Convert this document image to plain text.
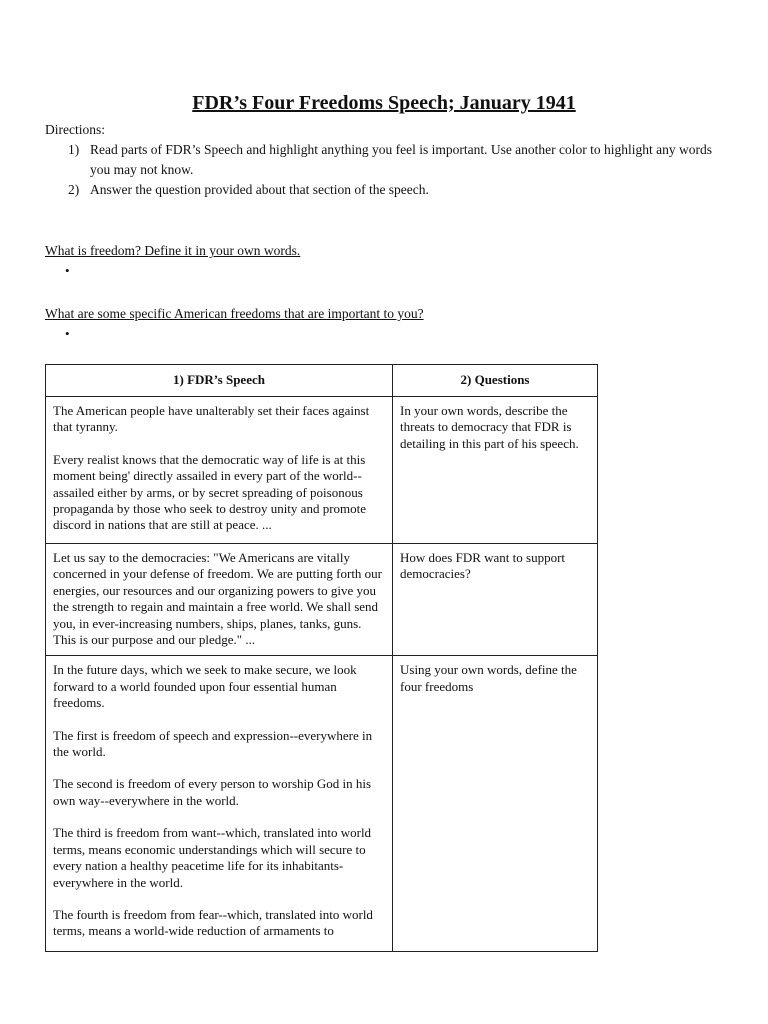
FDR’s Four Freedoms Speech; January 1941
Directions:
1) Read parts of FDR’s Speech and highlight anything you feel is important. Use another color to highlight any words you may not know.
2) Answer the question provided about that section of the speech.
What is freedom? Define it in your own words.
•
What are some specific American freedoms that are important to you?
•
1) FDR’s Speech	2) Questions

The American people have unalterably set their faces against that tyranny.

Every realist knows that the democratic way of life is at this moment being' directly assailed in every part of the world--assailed either by arms, or by secret spreading of poisonous propaganda by those who seek to destroy unity and promote discord in nations that are still at peace. ...	In your own words, describe the threats to democracy that FDR is detailing in this part of his speech.

Let us say to the democracies: "We Americans are vitally concerned in your defense of freedom. We are putting forth our energies, our resources and our organizing powers to give you the strength to regain and maintain a free world. We shall send you, in ever-increasing numbers, ships, planes, tanks, guns. This is our purpose and our pledge." ...	How does FDR want to support democracies?

In the future days, which we seek to make secure, we look forward to a world founded upon four essential human freedoms.

The first is freedom of speech and expression--everywhere in the world.

The second is freedom of every person to worship God in his own way--everywhere in the world.

The third is freedom from want--which, translated into world terms, means economic understandings which will secure to every nation a healthy peacetime life for its inhabitants-everywhere in the world.

The fourth is freedom from fear--which, translated into world terms, means a world-wide reduction of armaments to	Using your own words, define the four freedoms
